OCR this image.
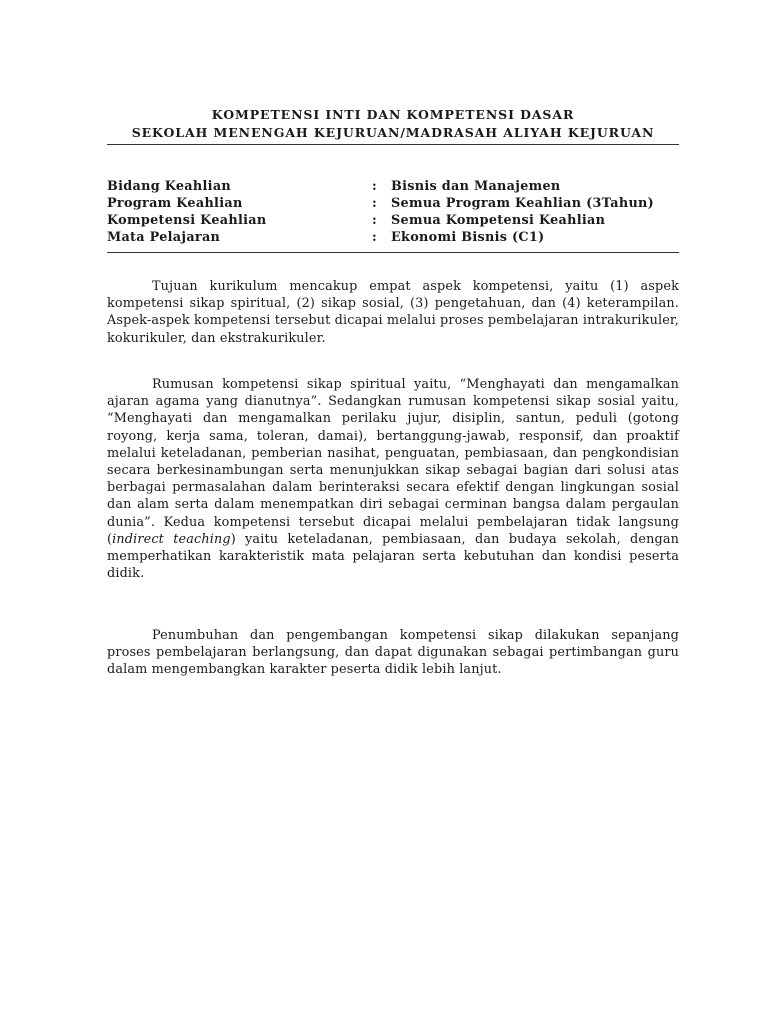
KOMPETENSI INTI DAN KOMPETENSI DASAR
SEKOLAH MENENGAH KEJURUAN/MADRASAH ALIYAH KEJURUAN
Bidang Keahlian	: Bisnis dan Manajemen
Program Keahlian	: Semua Program Keahlian (3Tahun)
Kompetensi Keahlian	: Semua Kompetensi Keahlian
Mata Pelajaran	: Ekonomi Bisnis (C1)

Tujuan kurikulum mencakup empat aspek kompetensi, yaitu (1) aspek kompetensi sikap spiritual, (2) sikap sosial, (3) pengetahuan, dan (4) keterampilan. Aspek-aspek kompetensi tersebut dicapai melalui proses pembelajaran intrakurikuler, kokurikuler, dan ekstrakurikuler.

Rumusan kompetensi sikap spiritual yaitu, “Menghayati dan mengamalkan ajaran agama yang dianutnya”. Sedangkan rumusan kompetensi sikap sosial yaitu, “Menghayati dan mengamalkan perilaku jujur, disiplin, santun, peduli (gotong royong, kerja sama, toleran, damai), bertanggung-jawab, responsif, dan proaktif melalui keteladanan, pemberian nasihat, penguatan, pembiasaan, dan pengkondisian secara berkesinambungan serta menunjukkan sikap sebagai bagian dari solusi atas berbagai permasalahan dalam berinteraksi secara efektif dengan lingkungan sosial dan alam serta dalam menempatkan diri sebagai cerminan bangsa dalam pergaulan dunia”. Kedua kompetensi tersebut dicapai melalui pembelajaran tidak langsung (indirect teaching) yaitu keteladanan, pembiasaan, dan budaya sekolah, dengan memperhatikan karakteristik mata pelajaran serta kebutuhan dan kondisi peserta didik.

Penumbuhan dan pengembangan kompetensi sikap dilakukan sepanjang proses pembelajaran berlangsung, dan dapat digunakan sebagai pertimbangan guru dalam mengembangkan karakter peserta didik lebih lanjut.
